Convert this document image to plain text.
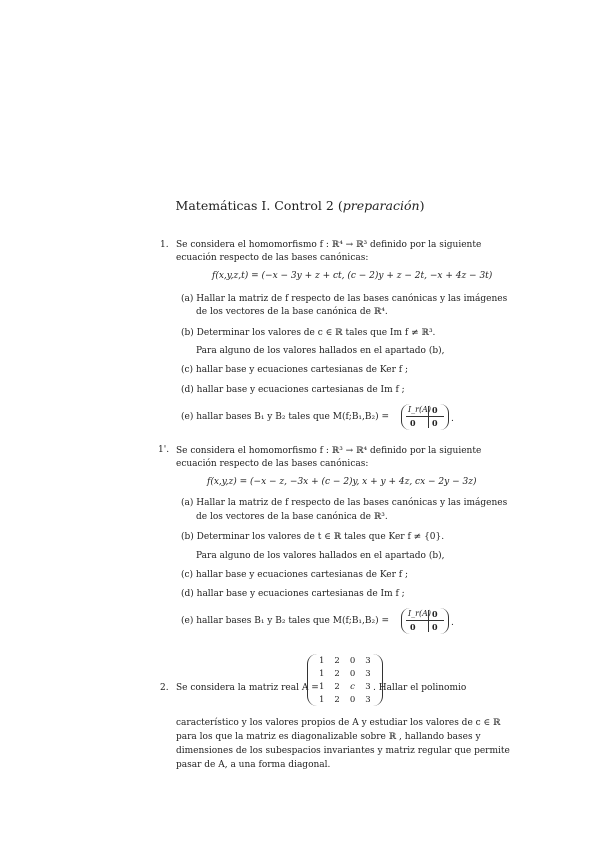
Matemáticas I. Control 2 (preparación)
1. Se considera el homomorfismo f : ℝ⁴ → ℝ³ definido por la siguiente
ecuación respecto de las bases canónicas:
f(x,y,z,t) = (−x − 3y + z + ct, (c − 2)y + z − 2t, −x + 4z − 3t)
(a) Hallar la matriz de f respecto de las bases canónicas y las imágenes
de los vectores de la base canónica de ℝ⁴.
(b) Determinar los valores de c ∈ ℝ tales que Im f ≠ ℝ³.
Para alguno de los valores hallados en el apartado (b),
(c) hallar base y ecuaciones cartesianas de Ker f ;
(d) hallar base y ecuaciones cartesianas de Im f ;
(e) hallar bases B₁ y B₂ tales que M(f;B₁,B₂) =
I_r(A) 0
0 0 .
1'. Se considera el homomorfismo f : ℝ³ → ℝ⁴ definido por la siguiente
ecuación respecto de las bases canónicas:
f(x,y,z) = (−x − z, −3x + (c − 2)y, x + y + 4z, cx − 2y − 3z)
(a) Hallar la matriz de f respecto de las bases canónicas y las imágenes
de los vectores de la base canónica de ℝ³.
(b) Determinar los valores de t ∈ ℝ tales que Ker f ≠ {0}.
Para alguno de los valores hallados en el apartado (b),
(c) hallar base y ecuaciones cartesianas de Ker f ;
(d) hallar base y ecuaciones cartesianas de Im f ;
(e) hallar bases B₁ y B₂ tales que M(f;B₁,B₂) =
I_r(A) 0
0 0 .
2. Se considera la matriz real A =
1	2	0	3
1	2	0	3
1	2	c	3
1	2	0	3
. Hallar el polinomio
característico y los valores propios de A y estudiar los valores de c ∈ ℝ
para los que la matriz es diagonalizable sobre ℝ , hallando bases y
dimensiones de los subespacios invariantes y matriz regular que permite
pasar de A, a una forma diagonal.
